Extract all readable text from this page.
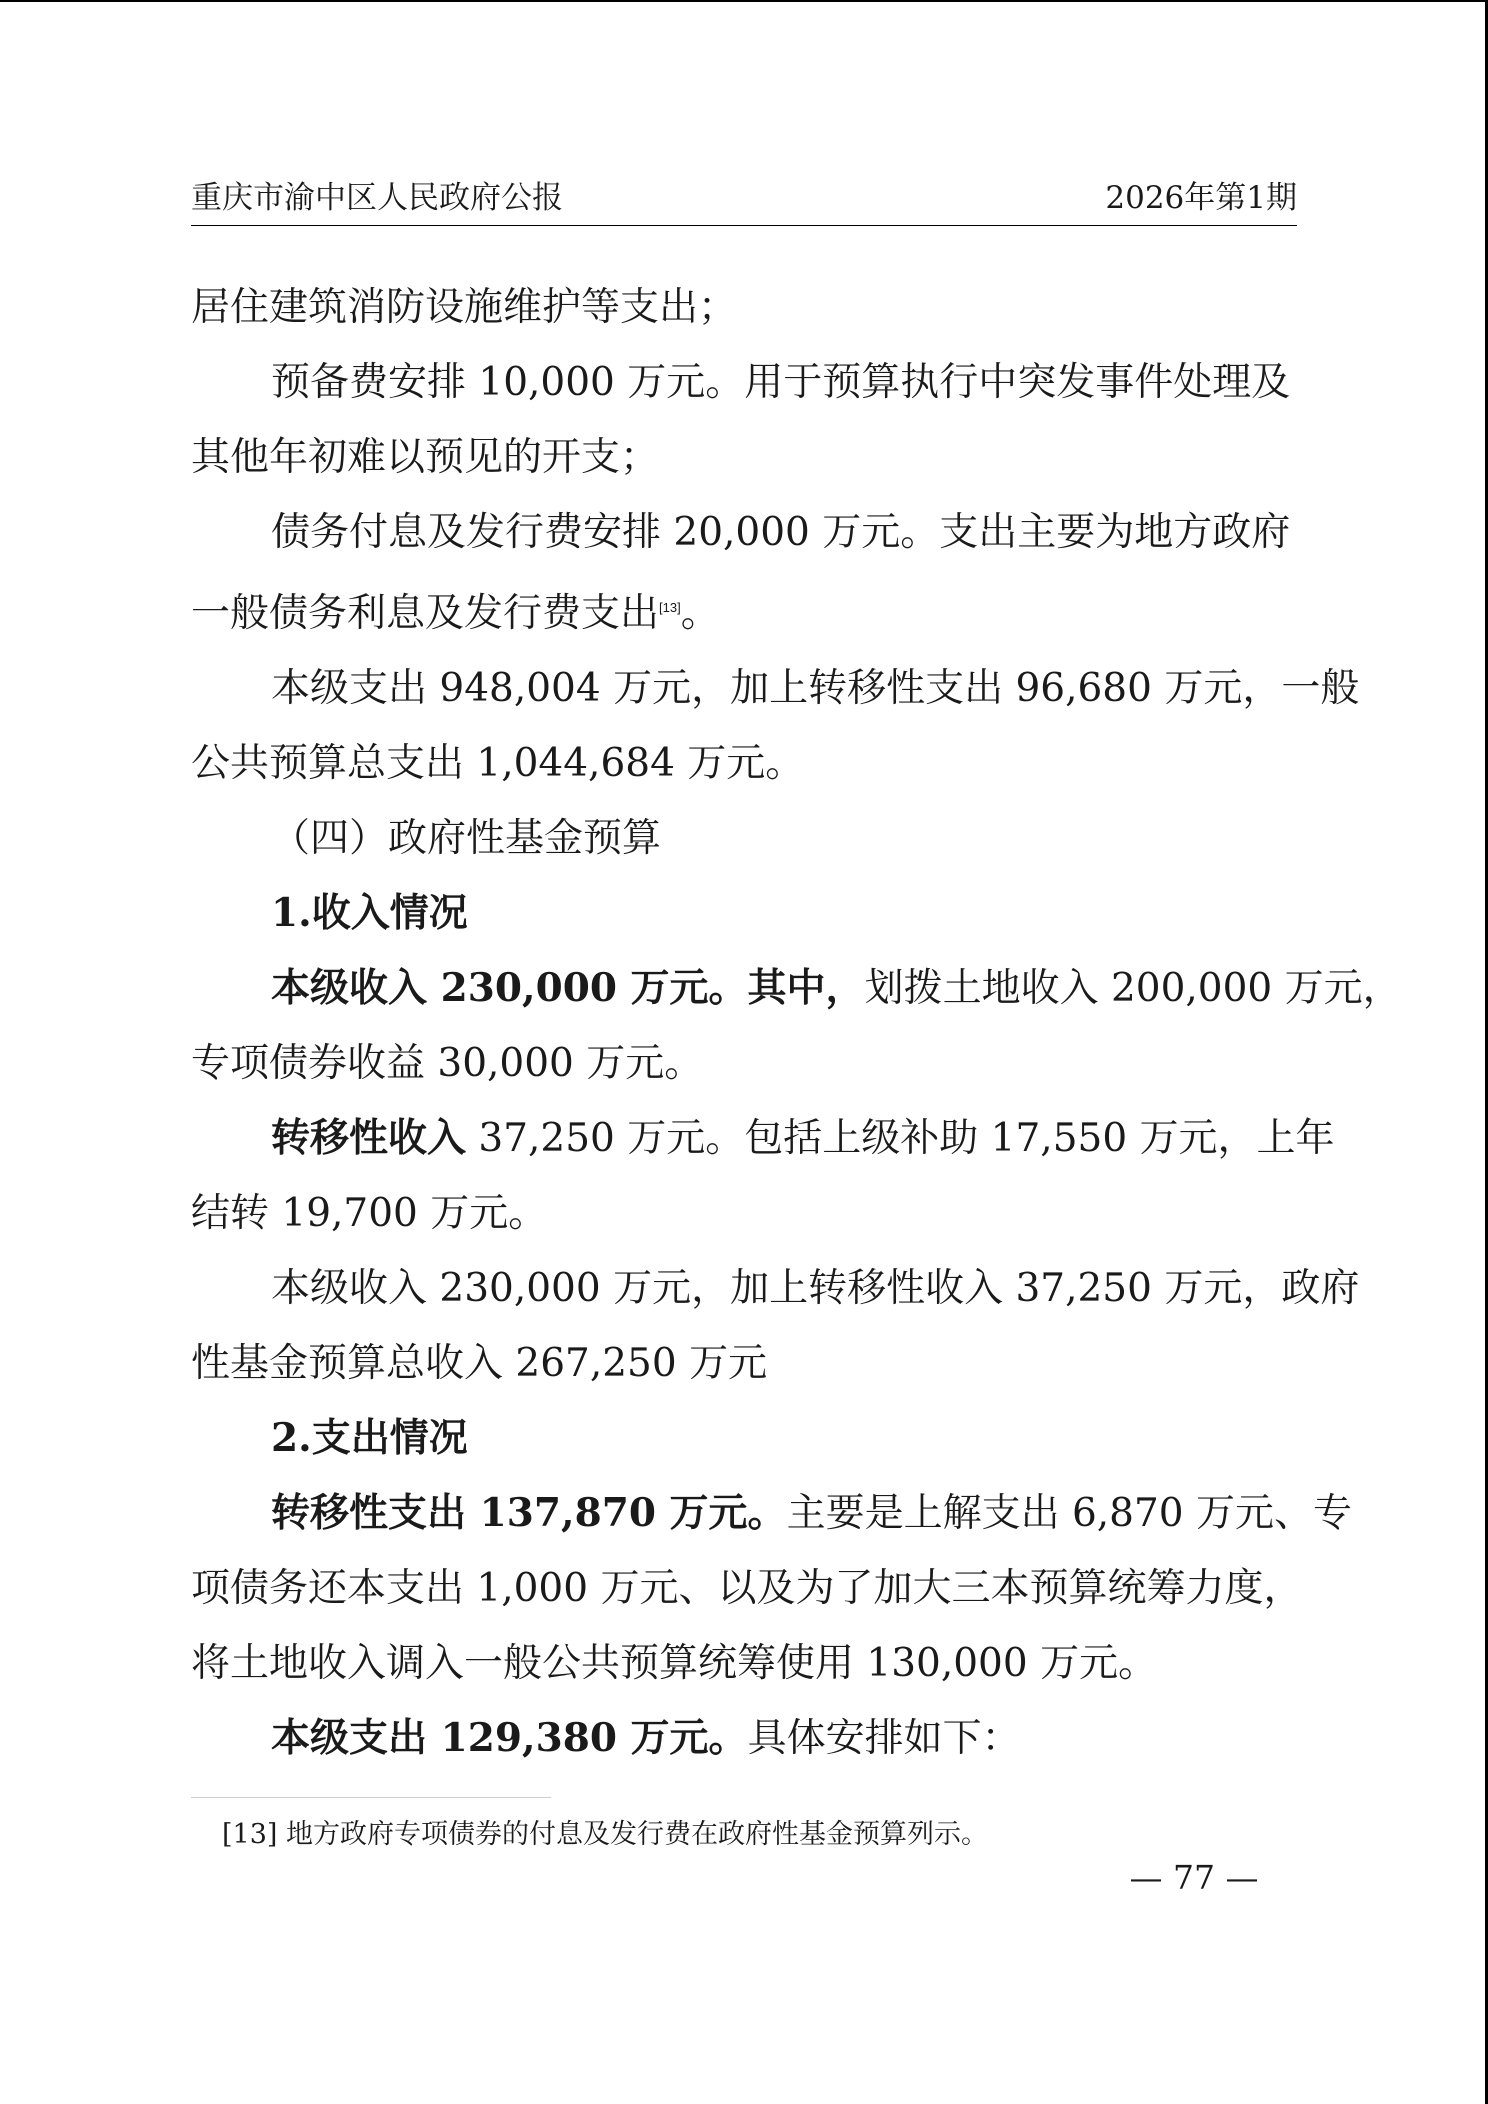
重庆市渝中区人民政府公报	2026年第1期

居住建筑消防设施维护等支出；

预备费安排 10,000 万元。用于预算执行中突发事件处理及

其他年初难以预见的开支；

债务付息及发行费安排 20,000 万元。支出主要为地方政府

一般债务利息及发行费支出[13]。

本级支出 948,004 万元，加上转移性支出 96,680 万元，一般

公共预算总支出 1,044,684 万元。

（四）政府性基金预算

1.收入情况

本级收入 230,000 万元。其中，划拨土地收入 200,000 万元，

专项债券收益 30,000 万元。

转移性收入 37,250 万元。包括上级补助 17,550 万元，上年

结转 19,700 万元。

本级收入 230,000 万元，加上转移性收入 37,250 万元，政府

性基金预算总收入 267,250 万元

2.支出情况

转移性支出 137,870 万元。主要是上解支出 6,870 万元、专

项债务还本支出 1,000 万元、以及为了加大三本预算统筹力度，

将土地收入调入一般公共预算统筹使用 130,000 万元。

本级支出 129,380 万元。具体安排如下：

[13] 地方政府专项债券的付息及发行费在政府性基金预算列示。
— 77 —
